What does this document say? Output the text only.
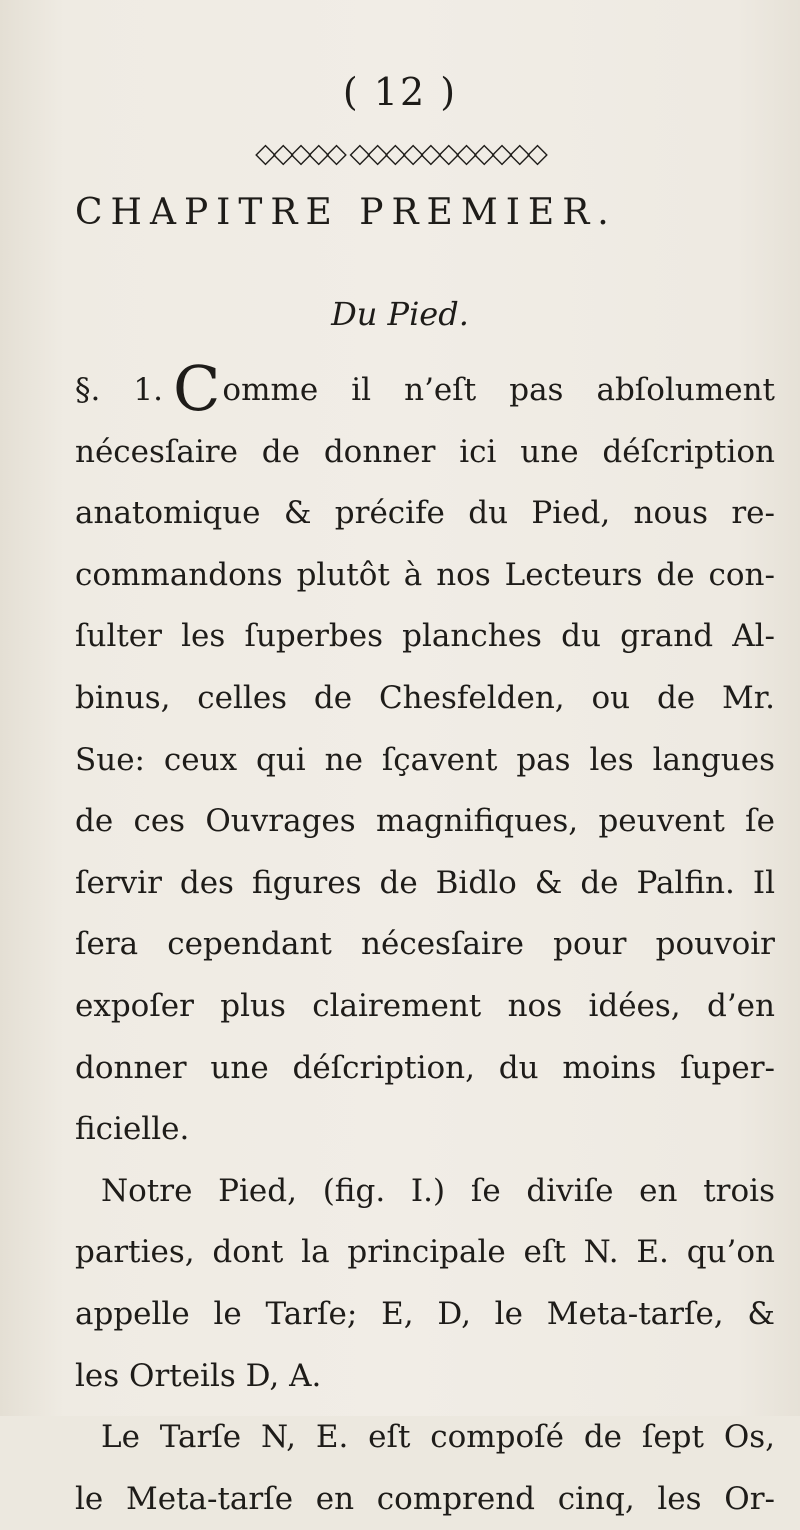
( 12 )
◇◇◇◇◇ ◇◇◇◇◇◇◇◇◇◇◇
CHAPITRE PREMIER.
Du Pied.
§. 1. Comme il n’eſt pas abſolument
nécesſaire de donner ici une déſcription
anatomique & précife du Pied, nous re-
commandons plutôt à nos Lecteurs de con-
ſulter les ſuperbes planches du grand Al-
binus, celles de Chesfelden, ou de Mr.
Sue: ceux qui ne ſçavent pas les langues
de ces Ouvrages magnifiques, peuvent ſe
ſervir des figures de Bidlo & de Palfin. Il
ſera cependant nécesſaire pour pouvoir
expoſer plus clairement nos idées, d’en
donner une déſcription, du moins ſuper-
ficielle.
Notre Pied, (fig. I.) ſe diviſe en trois
parties, dont la principale eſt N. E. qu’on
appelle le Tarſe; E, D, le Meta-tarſe, &
les Orteils D, A.
Le Tarſe N, E. eſt compoſé de ſept Os,
le Meta-tarſe en comprend cinq, les Or-
